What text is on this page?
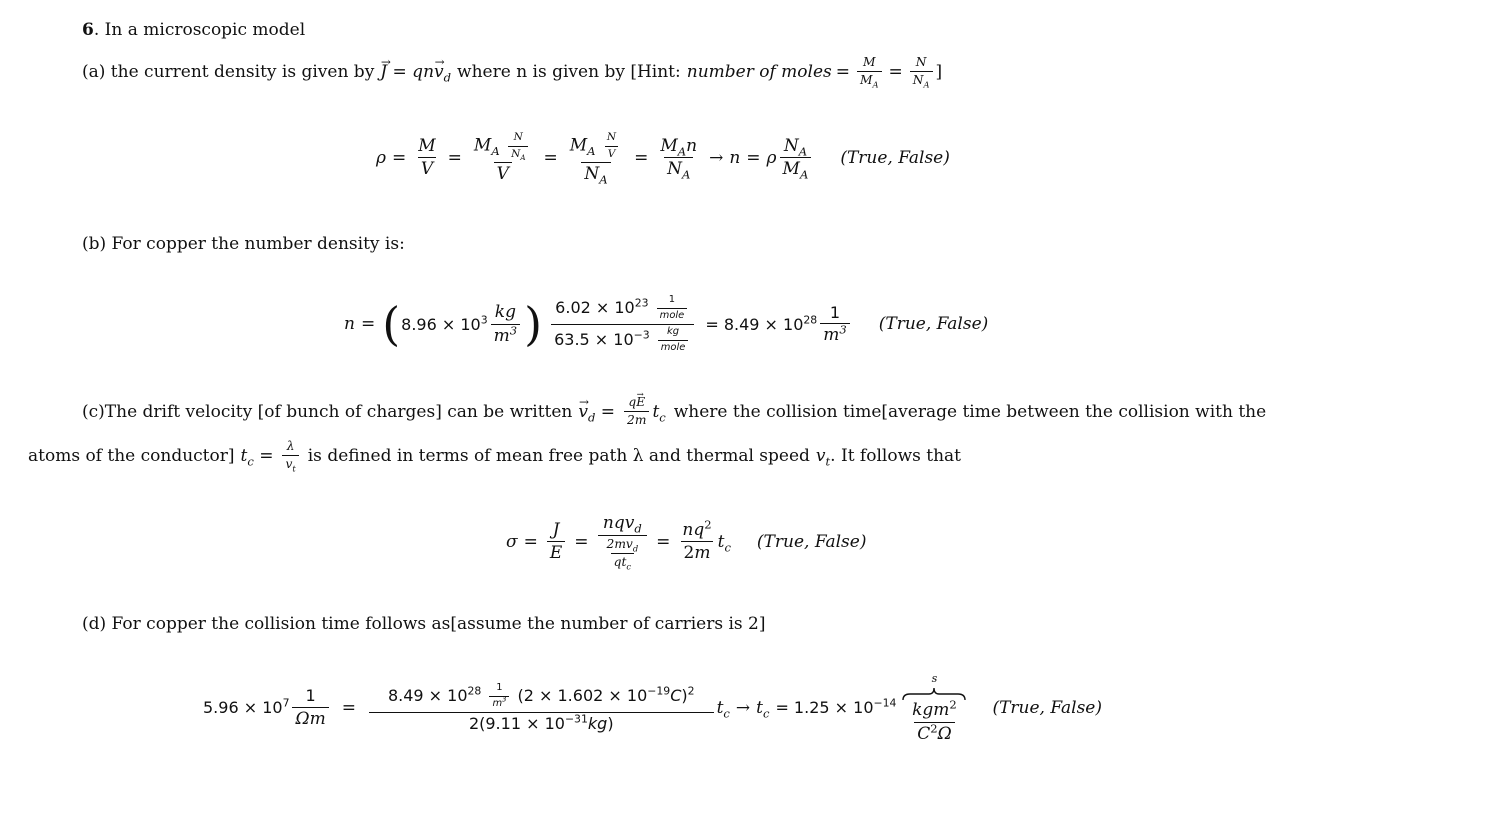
6. In a microscopic model
(a) the current density is given by → $J = qn\to v_d$ where n is given by [Hint: number of moles = $\frac{M}{M_A} = \frac{N}{N_A}$ ]
$\rho = \frac{M}{V} = \frac{M_A \frac{N}{N_A}}{V} = \frac{M_A \frac{N}{V}}{N_A} = \frac{M_An}{N_A} \to n = \rho \frac{N_A}{M_A}$ (True, False)
(b) For copper the number density is:
n = ( $8.96 \times 10^3 \frac{kg}{m^3}$ ) $\frac{6.02 \times 10^{23} \frac{1}{\text{mole}}}{63.5 \times 10^{-3} \frac{kg}{\text{mole}}} = 8.49 \times 10^{28} \frac{1}{m^3}$ (True, False)
(c)The drift velocity [of bunch of charges] can be written → $v_d = \frac{q\to E}{2m} t_c$ where the collision time[average time between the collision with the
atoms of the conductor] $t_c = \frac{\lambda}{v_t}$ is defined in terms of mean free path λ and thermal speed $v_t$ . It follows that
$\sigma = \frac{J}{E} = \frac{nqv_d}{\frac{2mv_d}{qt_c}} = \frac{nq^2}{2m} t_c$ (True, False)
(d) For copper the collision time follows as[assume the number of carriers is 2]
$5.96 \times 10^7 \frac{1}{\Omega m} = \frac{8.49 \times 10^{28} \frac{1}{m^3} (2 \times 1.602 \times 10^{-19}C)^2}{2(9.11 \times 10^{-31}kg)} t_c \to t_c = 1.25 \times 10^{-14}$
s
$\frac{kgm^2}{C^2\Omega}$ (True, False)
